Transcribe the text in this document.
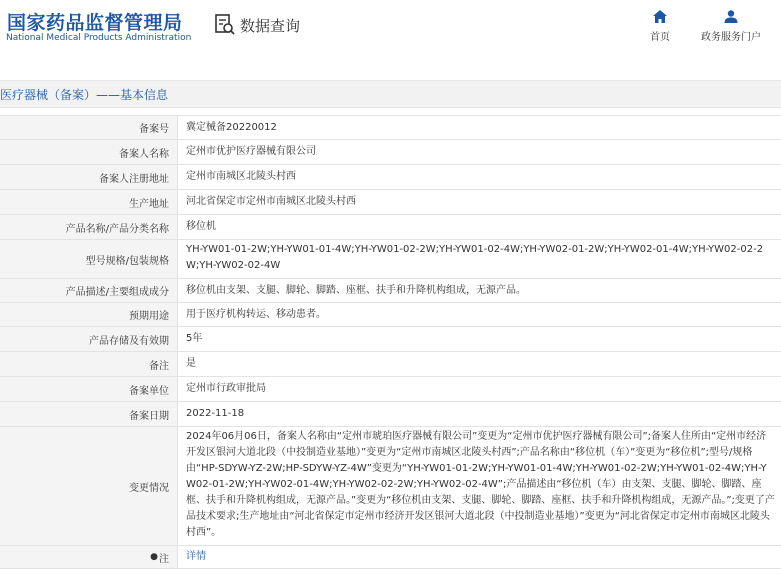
国家药品监督管理局
National Medical Products Administration
数据查询
首页	政务服务门户
医疗器械（备案）——基本信息
备案号	冀定械备20220012
备案人名称	定州市优护医疗器械有限公司
备案人注册地址	定州市南城区北陵头村西
生产地址	河北省保定市定州市南城区北陵头村西
产品名称/产品分类名称	移位机
型号规格/包装规格
YH-YW01-01-2W;YH-YW01-01-4W;YH-YW01-02-2W;YH-YW01-02-4W;YH-YW02-01-2W;YH-YW02-01-4W;YH-YW02-02-2W;YH-YW02-02-4W
产品描述/主要组成成分	移位机由支架、支腿、脚轮、脚踏、座框、扶手和升降机构组成，无源产品。
预期用途	用于医疗机构转运、移动患者。
产品存储及有效期	5年
备注	是
备案单位	定州市行政审批局
备案日期	2022-11-18
变更情况
2024年06月06日，备案人名称由“定州市琥珀医疗器械有限公司”变更为“定州市优护医疗器械有限公司”;备案人住所由“定州市经济开发区银河大道北段（中投制造业基地）”变更为“定州市南城区北陵头村西”;产品名称由“移位机（车）”变更为“移位机”;型号/规格由“HP-SDYW-YZ-2W;HP-SDYW-YZ-4W”变更为“YH-YW01-01-2W;YH-YW01-01-4W;YH-YW01-02-2W;YH-YW01-02-4W;YH-YW02-01-2W;YH-YW02-01-4W;YH-YW02-02-2W;YH-YW02-02-4W”;产品描述由“移位机（车）由支架、支腿、脚轮、脚踏、座框、扶手和升降机构组成，无源产品。”变更为“移位机由支架、支腿、脚轮、脚踏、座框、扶手和升降机构组成，无源产品。”;变更了产品技术要求;生产地址由“河北省保定市定州市经济开发区银河大道北段（中投制造业基地）”变更为“河北省保定市定州市南城区北陵头村西”。
● 注 详情
